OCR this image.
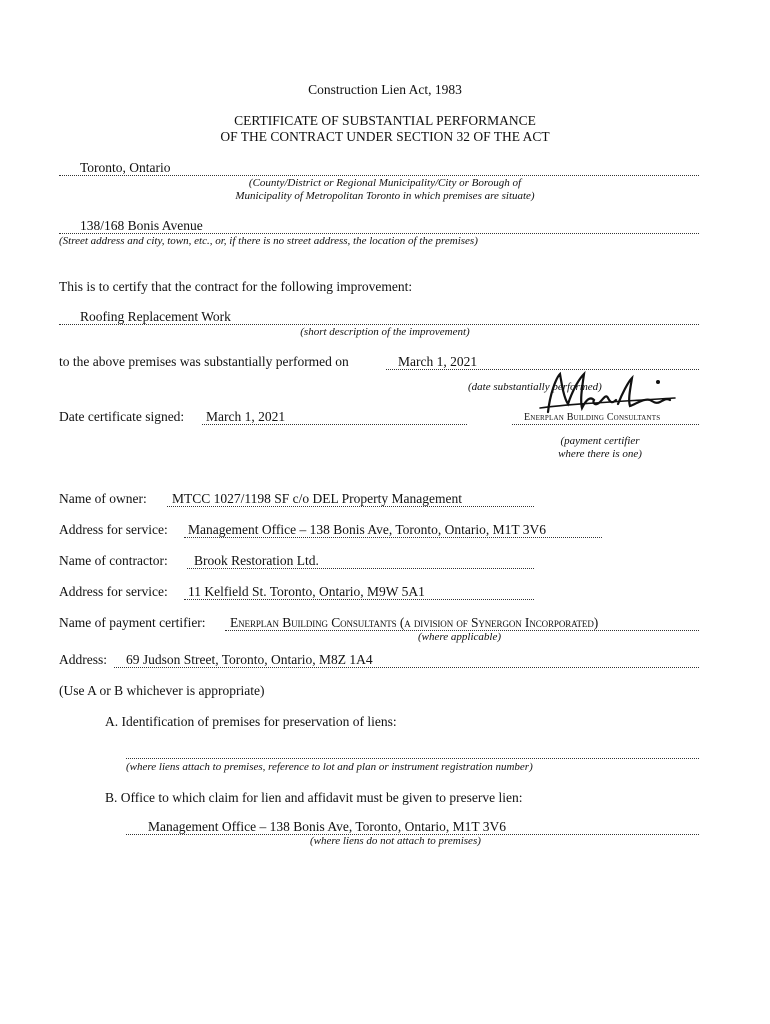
Construction Lien Act, 1983
CERTIFICATE OF SUBSTANTIAL PERFORMANCE
OF THE CONTRACT UNDER SECTION 32 OF THE ACT
Toronto, Ontario
(County/District or Regional Municipality/City or Borough of
Municipality of Metropolitan Toronto in which premises are situate)
138/168 Bonis Avenue
(Street address and city, town, etc., or, if there is no street address, the location of the premises)
This is to certify that the contract for the following improvement:
Roofing Replacement Work
(short description of the improvement)
to the above premises was substantially performed on	March 1, 2021
(date substantially performed)
Date certificate signed: March 1, 2021	Enerplan Building Consultants
(payment certifier
where there is one)
Name of owner: MTCC 1027/1198 SF c/o DEL Property Management
Address for service: Management Office – 138 Bonis Ave, Toronto, Ontario, M1T 3V6
Name of contractor: Brook Restoration Ltd.
Address for service: 11 Kelfield St. Toronto, Ontario, M9W 5A1
Name of payment certifier: Enerplan Building Consultants (a division of Synergon Incorporated)
(where applicable)
Address: 69 Judson Street, Toronto, Ontario, M8Z 1A4
(Use A or B whichever is appropriate)
A. Identification of premises for preservation of liens:
(where liens attach to premises, reference to lot and plan or instrument registration number)
B. Office to which claim for lien and affidavit must be given to preserve lien:
Management Office – 138 Bonis Ave, Toronto, Ontario, M1T 3V6
(where liens do not attach to premises)
